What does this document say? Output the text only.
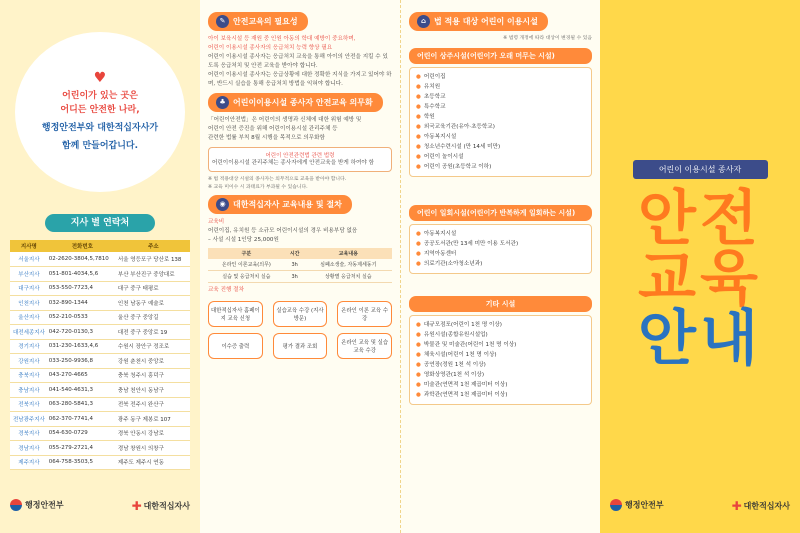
♥
어린이가 있는 곳은
어디든 안전한 나라,
행정안전부와 대한적십자사가
함께 만들어갑니다.
지사 별 연락처
지사명	전화번호	주소
서울지사	02-2620-3804,5,7810	서울 영등포구 당산로 138
부산지사	051-801-4034,5,6	부산 부산진구 중앙대로
대구지사	053-550-7723,4	대구 중구 태평로
인천지사	032-890-1344	인천 남동구 예술로
울산지사	052-210-0533	울산 중구 중앙길
대전세종지사	042-720-0130,3	대전 중구 중앙로 19
경기지사	031-230-1633,4,6	수원시 장안구 정조로
강원지사	033-250-9936,8	강원 춘천시 중앙로
충북지사	043-270-4665	충북 청주시 흥덕구
충남지사	041-540-4631,3	충남 천안시 동남구
전북지사	063-280-5841,3	전북 전주시 완산구
전남광주지사	062-370-7741,4	광주 동구 제봉로 107
경북지사	054-630-0729	경북 안동시 강남로
경남지사	055-279-2721,4	경남 창원시 의창구
제주지사	064-758-3503,5	제주도 제주시 연동
행정안전부	✚ 대한적십자사
✎ 안전교육의 필요성
아이 보육시설 등 재원 중 인원 아동의 학대 예방이 중요하며,
어린이 이용시설 종사자의 응급처치 능력 향상 필요
어린이 이용시설 종사자는 응급처치 교육을 통해 아이의 안전을 지킬 수 있도록 응급처치 및 안전 교육을 받아야 합니다.
어린이 이용시설 종사자는 응급상황에 대한 정확한 지식을 가지고 있어야 하며, 반드시 실습을 통해 응급처치 방법을 익혀야 합니다.
♣ 어린이이용시설 종사자 안전교육 의무화
「어린이안전법」은 어린이의 생명과 신체에 대한 위험 예방 및
어린이 안전 증진을 위해 어린이이용시설 관리주체 등
관련한 법률 부칙 8월 시행을 목적으로 의무화함
어린이 안전관련법 관련 법령
어린이이용시설 관리주체는 종사자에게 안전교육을 받게 하여야 함
※ 법 적용대상 시설의 종사자는 의무적으로 교육을 받아야 합니다.
※ 교육 미이수 시 과태료가 부과될 수 있습니다.
◉ 대한적십자사 교육내용 및 절차
교육비
어린이집, 유치원 등 소규모 어린이시설의 경우 비용부담 없음
– 사설 시설 1인당 25,000원
구분	시간	교육내용
온라인 이론교육(의무)	3h	심폐소생술, 자동제세동기
실습 및 응급처치 실습	3h	상황별 응급처치 실습
교육 진행 절차
대한적십자사 홈페이지 교육 신청
실습교육 수강 (지사 방문)
온라인 이론 교육 수강
이수증 출력	평가 결과 조회
온라인 교육 및 실습교육 수강
⌂ 법 적용 대상 어린이 이용시설
※ 법령 개정에 따라 대상이 변경될 수 있음
어린이 상주시설(어린이가 오래 머무는 시설)
● 어린이집
● 유치원
● 초등학교
● 특수학교
● 학원
● 외국교육기관(유아·초등학교)
● 아동복지시설
● 청소년수련시설 (만 14세 미만)
● 어린이 놀이시설
● 어린이 공원(초등학교 이하)
어린이 일회시설(어린이가 반복하게 일회하는 시설)
● 아동복지시설
● 공공도서관(만 13세 미만 이용 도서관)
● 지역아동센터
● 의료기관(소아청소년과)
기타 시설
● 대규모점포(어린이 1천 명 이상)
● 유원시설(종합유원시설업)
● 박물관 및 미술관(어린이 1천 명 이상)
● 체육시설(어린이 1천 명 이상)
● 공연장(정원 1천 석 이상)
● 영화상영관(1천 석 이상)
● 미술관(연면적 1천 제곱미터 이상)
● 과학관(연면적 1천 제곱미터 이상)
어린이 이용시설 종사자
안전
교육
안내
행정안전부	✚ 대한적십자사
